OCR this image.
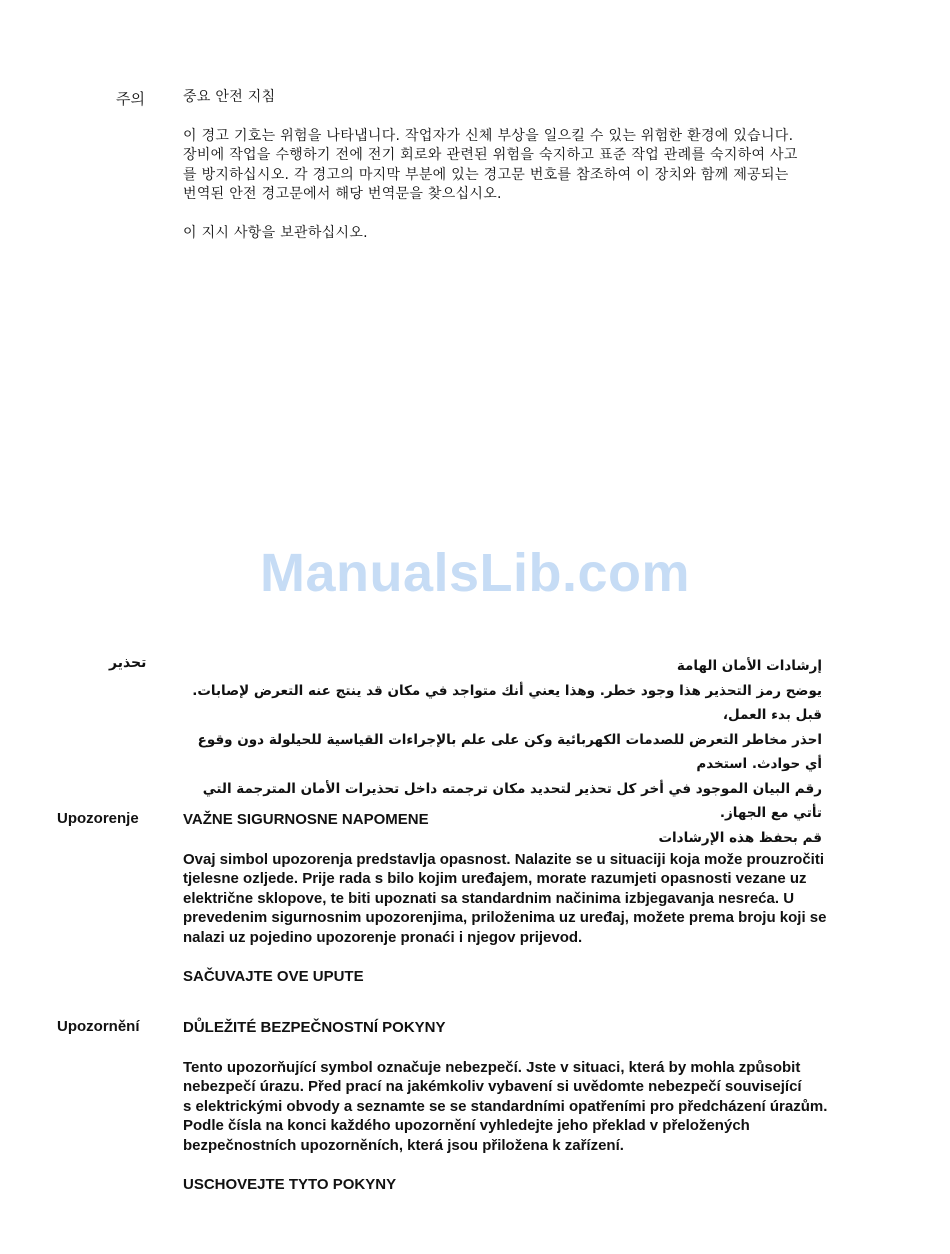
주의	중요 안전 지침

이 경고 기호는 위험을 나타냅니다. 작업자가 신체 부상을 일으킬 수 있는 위험한 환경에 있습니다.
장비에 작업을 수행하기 전에 전기 회로와 관련된 위험을 숙지하고 표준 작업 관례를 숙지하여 사고
를 방지하십시오. 각 경고의 마지막 부분에 있는 경고문 번호를 참조하여 이 장치와 함께 제공되는
번역된 안전 경고문에서 해당 번역문을 찾으십시오.

이 지시 사항을 보관하십시오.

ManualsLib.com
تحذير	إرشادات الأمان الهامة
يوضح رمز التحذير هذا وجود خطر. وهذا يعني أنك متواجد في مكان قد ينتج عنه التعرض لإصابات. قبل بدء العمل،
احذر مخاطر التعرض للصدمات الكهربائية وكن على علم بالإجراءات القياسية للحيلولة دون وقوع أي حوادث. استخدم
رقم البيان الموجود في أخر كل تحذير لتحديد مكان ترجمته داخل تحذيرات الأمان المترجمة التي تأتي مع الجهاز.
قم بحفظ هذه الإرشادات
Upozorenje	VAŽNE SIGURNOSNE NAPOMENE

Ovaj simbol upozorenja predstavlja opasnost. Nalazite se u situaciji koja može prouzročiti
tjelesne ozljede. Prije rada s bilo kojim uređajem, morate razumjeti opasnosti vezane uz
električne sklopove, te biti upoznati sa standardnim načinima izbjegavanja nesreća. U
prevedenim sigurnosnim upozorenjima, priloženima uz uređaj, možete prema broju koji se
nalazi uz pojedino upozorenje pronaći i njegov prijevod.

SAČUVAJTE OVE UPUTE

Upozornění	DŮLEŽITÉ BEZPEČNOSTNÍ POKYNY

Tento upozorňující symbol označuje nebezpečí. Jste v situaci, která by mohla způsobit
nebezpečí úrazu. Před prací na jakémkoliv vybavení si uvědomte nebezpečí související
s elektrickými obvody a seznamte se se standardními opatřeními pro předcházení úrazům.
Podle čísla na konci každého upozornění vyhledejte jeho překlad v přeložených
bezpečnostních upozorněních, která jsou přiložena k zařízení.

USCHOVEJTE TYTO POKYNY
